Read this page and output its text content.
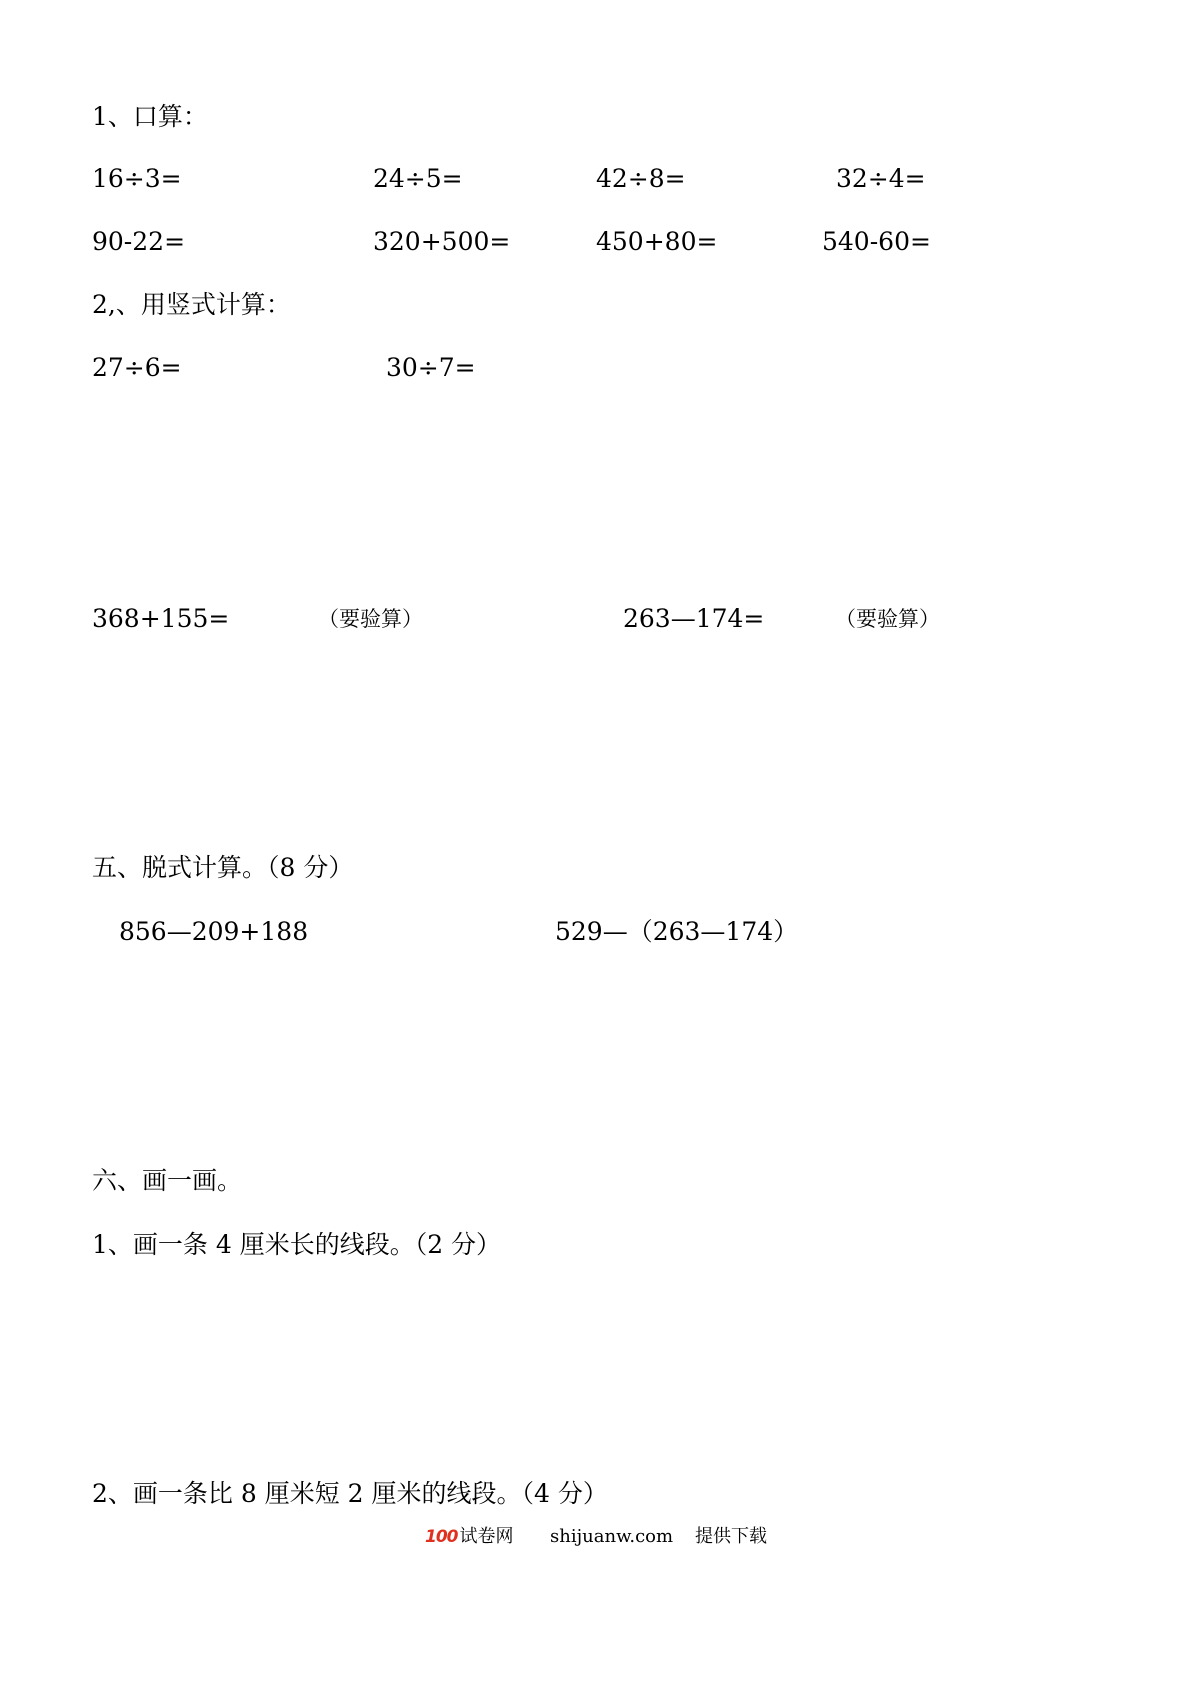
1、口算：
16÷3=	24÷5=	42÷8=	32÷4=
90-22=	320+500=	450+80=	540-60=
2,、用竖式计算：
27÷6=	30÷7=
368+155=	（要验算）	263—174=	（要验算）
五、脱式计算。（8 分）
856—209+188	529—（263—174）
六、画一画。
1、画一条 4 厘米长的线段。（2 分）
2、画一条比 8 厘米短 2 厘米的线段。（4 分）
100 试卷网 shijuanw.com 提供下载
